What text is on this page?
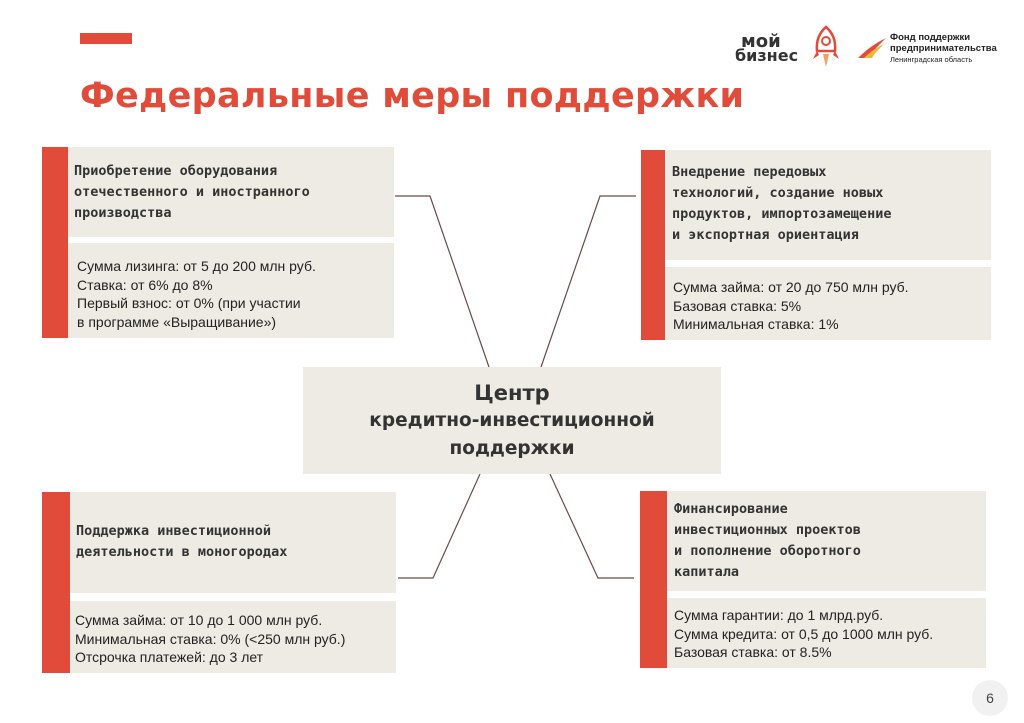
Федеральные меры поддержки
мой
бизнес
Фонд поддержки
предпринимательства
Ленинградская область
Приобретение оборудования
отечественного и иностранного
производства
Сумма лизинга: от 5 до 200 млн руб.
Ставка: от 6% до 8%
Первый взнос: от 0% (при участии
в программе «Выращивание»)
Внедрение передовых
технологий, создание новых
продуктов, импортозамещение
и экспортная ориентация
Сумма займа: от 20 до 750 млн руб.
Базовая ставка: 5%
Минимальная ставка: 1%
Центр
кредитно-инвестиционной
поддержки
Поддержка инвестиционной
деятельности в моногородах
Сумма займа: от 10 до 1 000 млн руб.
Минимальная ставка: 0% (<250 млн руб.)
Отсрочка платежей: до 3 лет
Финансирование
инвестиционных проектов
и пополнение оборотного
капитала
Сумма гарантии: до 1 млрд.руб.
Сумма кредита: от 0,5 до 1000 млн руб.
Базовая ставка: от 8.5%
6
